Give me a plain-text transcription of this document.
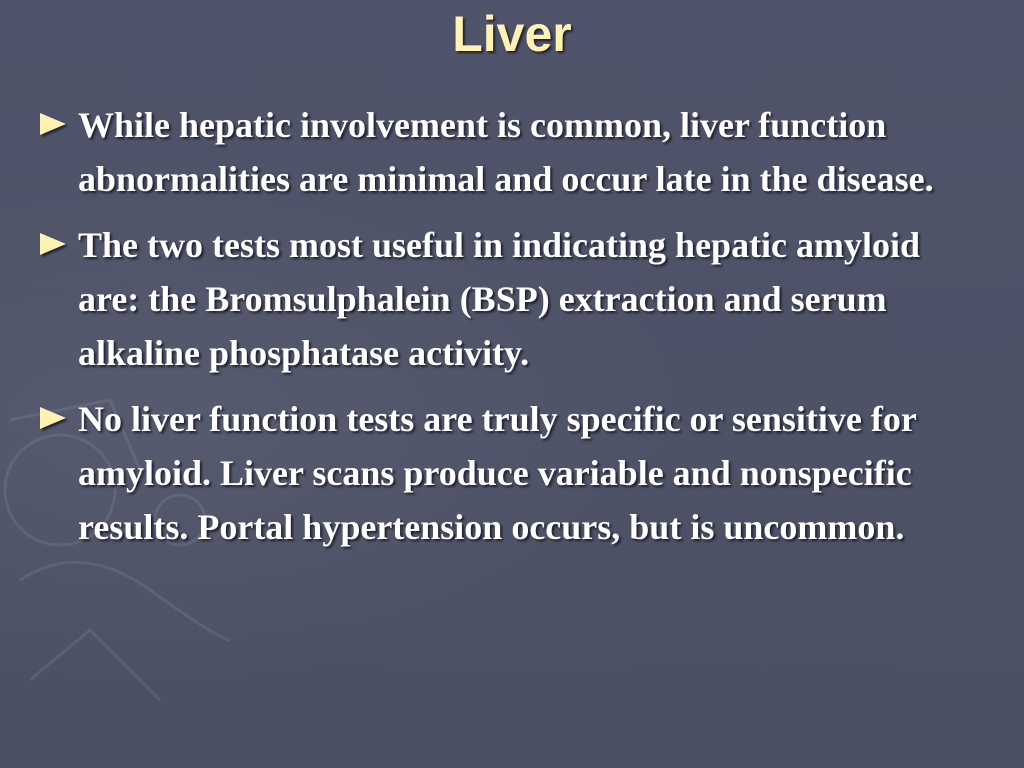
Liver
While hepatic involvement is common, liver function abnormalities are minimal and occur late in the disease.
The two tests most useful in indicating hepatic amyloid are: the Bromsulphalein (BSP) extraction and serum alkaline phosphatase activity.
No liver function tests are truly specific or sensitive for amyloid. Liver scans produce variable and nonspecific results. Portal hypertension occurs, but is uncommon.
